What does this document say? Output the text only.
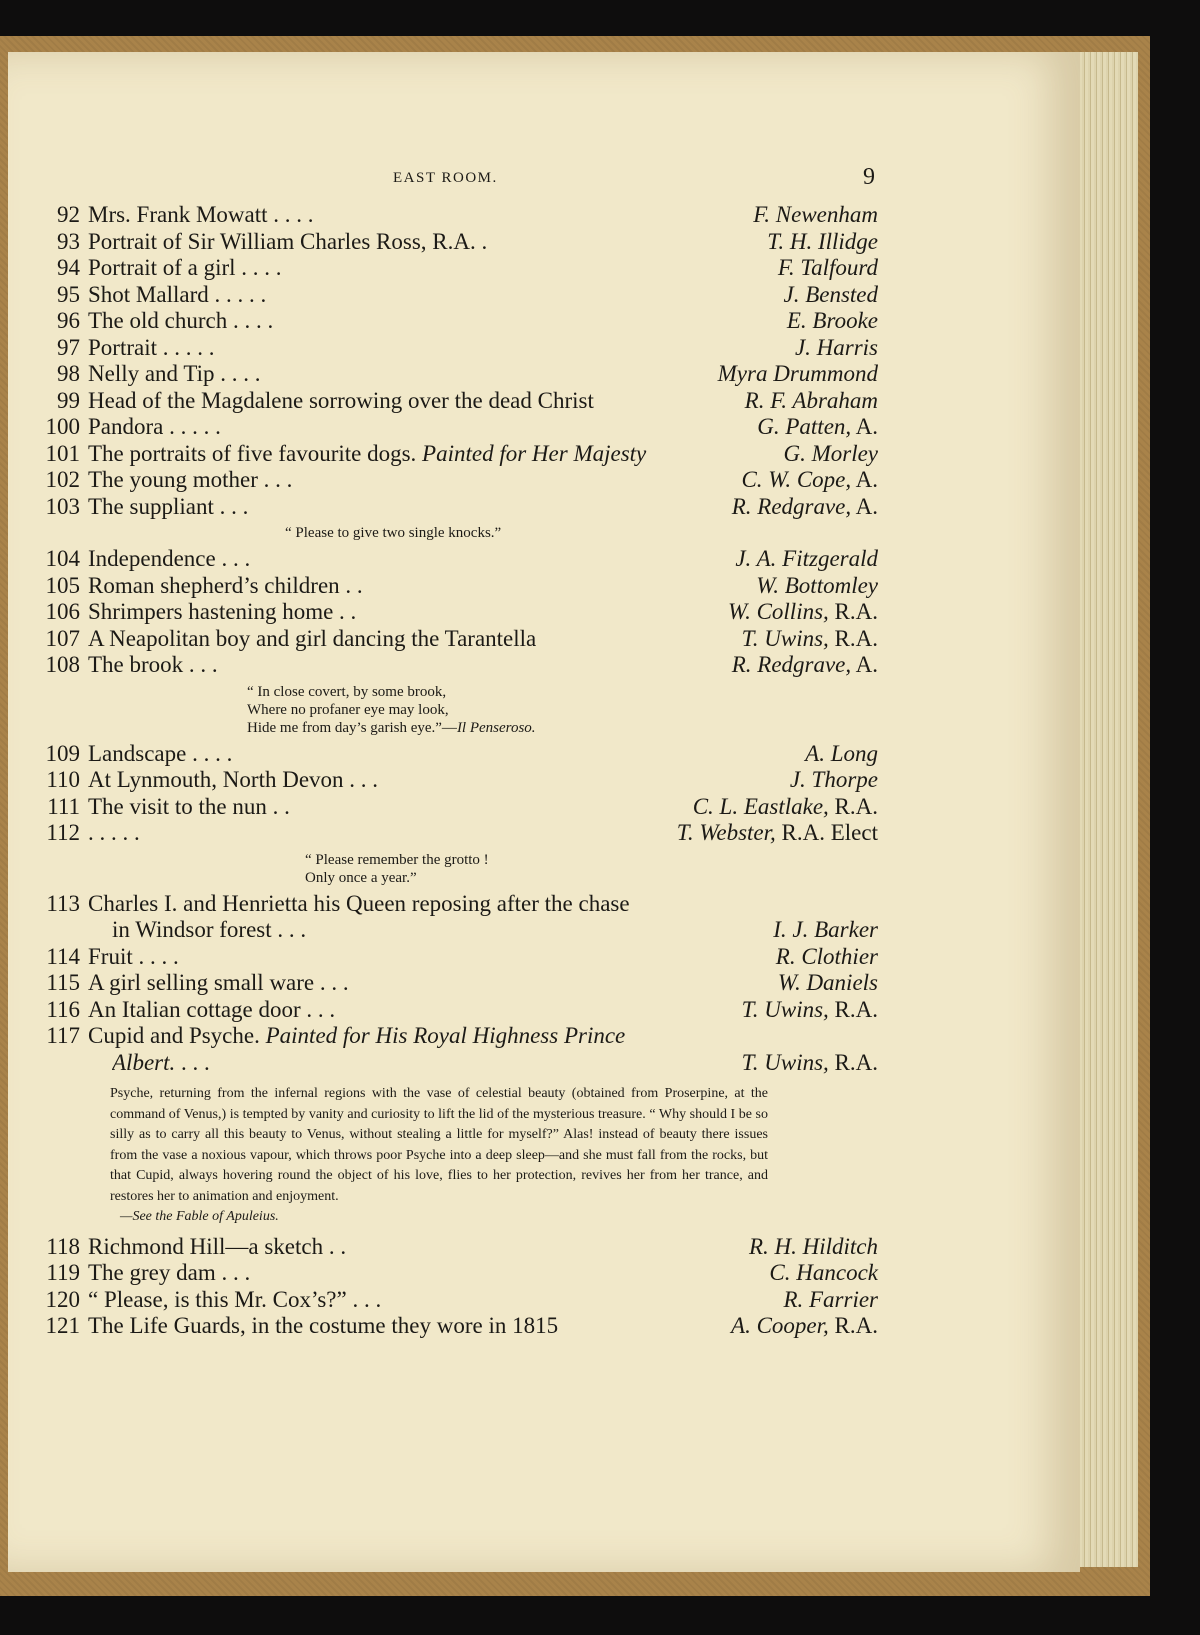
EAST ROOM.	9
92 Mrs. Frank Mowatt . . . .	F. Newenham
93 Portrait of Sir William Charles Ross, R.A. .	T. H. Illidge
94 Portrait of a girl . . . .	F. Talfourd
95 Shot Mallard . . . . .	J. Bensted
96 The old church . . . .	E. Brooke
97 Portrait . . . . .	J. Harris
98 Nelly and Tip . . . .	Myra Drummond
99 Head of the Magdalene sorrowing over the dead Christ	R. F. Abraham
100 Pandora . . . . .	G. Patten, A.
101 The portraits of five favourite dogs. Painted for Her Majesty	G. Morley
102 The young mother . . .	C. W. Cope, A.
103 The suppliant . . .	R. Redgrave, A.
“ Please to give two single knocks.”
104 Independence . . .	J. A. Fitzgerald
105 Roman shepherd’s children . .	W. Bottomley
106 Shrimpers hastening home . .	W. Collins, R.A.
107 A Neapolitan boy and girl dancing the Tarantella	T. Uwins, R.A.
108 The brook . . .	R. Redgrave, A.
“ In close covert, by some brook,
Where no profaner eye may look,
Hide me from day’s garish eye.”—Il Penseroso.
109 Landscape . . . .	A. Long
110 At Lynmouth, North Devon . . .	J. Thorpe
111 The visit to the nun . .	C. L. Eastlake, R.A.
112 . . . . .	T. Webster, R.A. Elect
“ Please remember the grotto !
Only once a year.”
113 Charles I. and Henrietta his Queen reposing after the chase
in Windsor forest . . .	I. J. Barker
114 Fruit . . . .	R. Clothier
115 A girl selling small ware . . .	W. Daniels
116 An Italian cottage door . . .	T. Uwins, R.A.
117 Cupid and Psyche. Painted for His Royal Highness Prince
Albert. . . .	T. Uwins, R.A.
Psyche, returning from the infernal regions with the vase of celestial beauty (obtained from Proserpine, at the command of Venus,) is tempted by vanity and curiosity to lift the lid of the mysterious treasure. “ Why should I be so silly as to carry all this beauty to Venus, without stealing a little for myself?” Alas! instead of beauty there issues from the vase a noxious vapour, which throws poor Psyche into a deep sleep—and she must fall from the rocks, but that Cupid, always hovering round the object of his love, flies to her protection, revives her from her trance, and restores her to animation and enjoyment.
—See the Fable of Apuleius.
118 Richmond Hill—a sketch . .	R. H. Hilditch
119 The grey dam . . .	C. Hancock
120 “ Please, is this Mr. Cox’s?” . . .	R. Farrier
121 The Life Guards, in the costume they wore in 1815	A. Cooper, R.A.
